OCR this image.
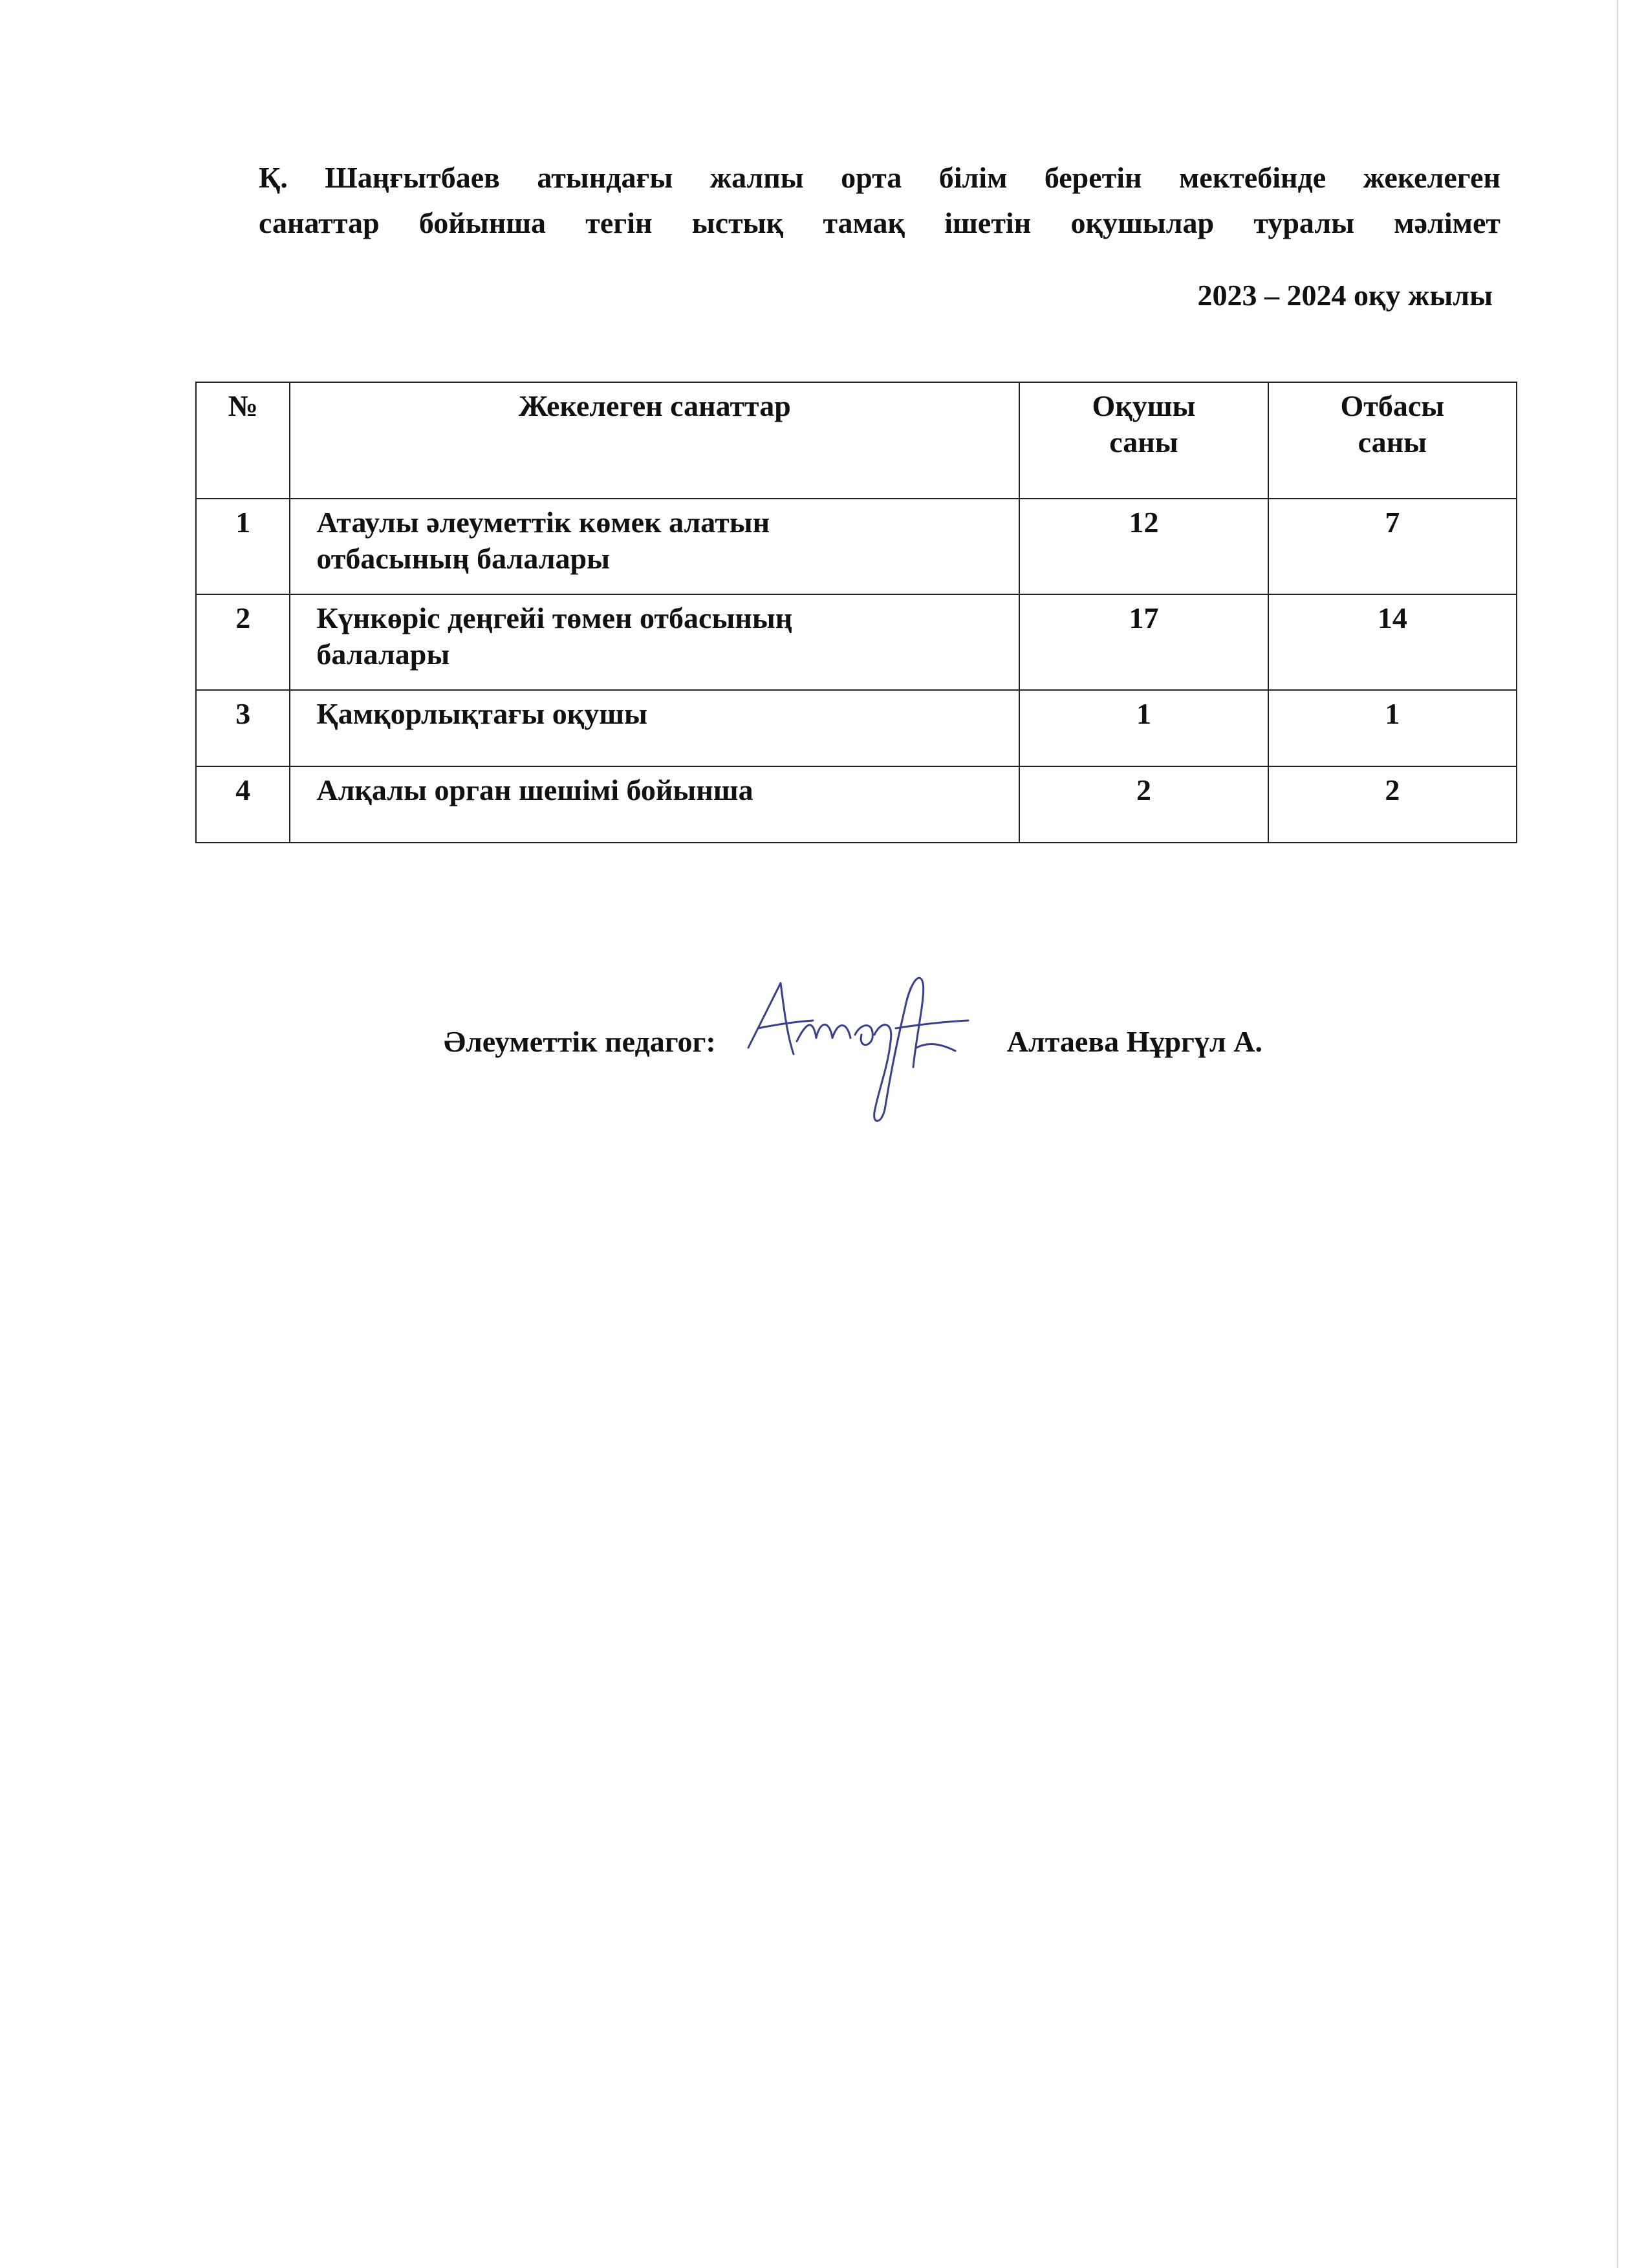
Қ. Шаңғытбаев атындағы жалпы орта білім беретін мектебінде жекелеген
санаттар бойынша тегін ыстық тамақ ішетін оқушылар туралы мәлімет
2023 – 2024 оқу жылы
№	Жекелеген санаттар	Оқушы саны	Отбасы саны

1	Атаулы әлеуметтік көмек алатын отбасының балалары	12	7
2	Күнкөріс деңгейі төмен отбасының балалары	17	14
3	Қамқорлықтағы оқушы	1	1
4	Алқалы орган шешімі бойынша	2	2
Әлеуметтік педагог:	Алтаева Нұргүл А.
